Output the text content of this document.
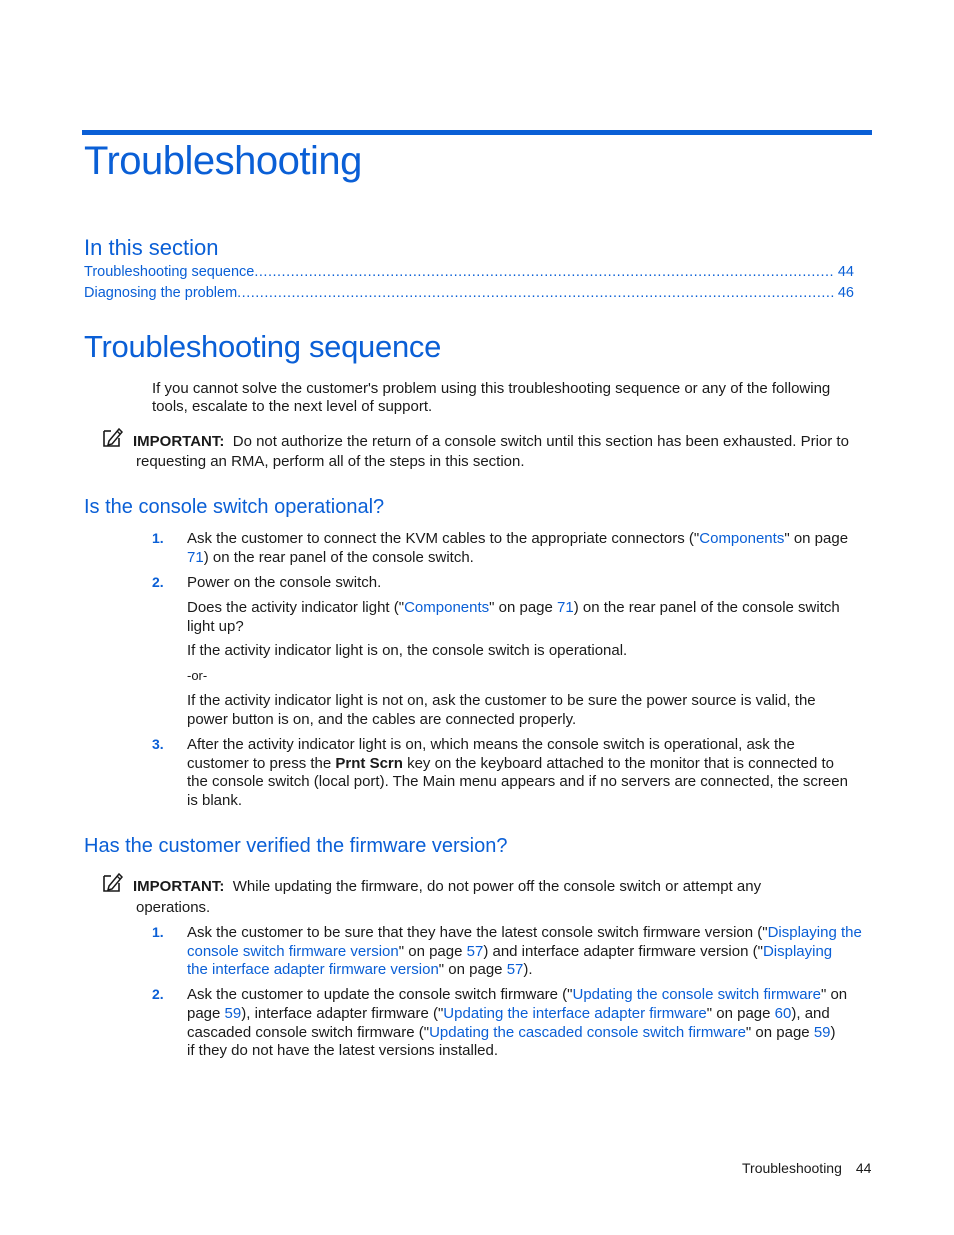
Troubleshooting
In this section
Troubleshooting sequence .....	44
Diagnosing the problem .....	46
Troubleshooting sequence

If you cannot solve the customer's problem using this troubleshooting sequence or any of the following

tools, escalate to the next level of support.

IMPORTANT: Do not authorize the return of a console switch until this section has been exhausted. Prior to

requesting an RMA, perform all of the steps in this section.

Is the console switch operational?
1. Ask the customer to connect the KVM cables to the appropriate connectors ("Components" on page

71) on the rear panel of the console switch.

2. Power on the console switch.

Does the activity indicator light ("Components" on page 71) on the rear panel of the console switch

light up?

If the activity indicator light is on, the console switch is operational.

-or-

If the activity indicator light is not on, ask the customer to be sure the power source is valid, the

power button is on, and the cables are connected properly.

3. After the activity indicator light is on, which means the console switch is operational, ask the

customer to press the Prnt Scrn key on the keyboard attached to the monitor that is connected to

the console switch (local port). The Main menu appears and if no servers are connected, the screen

is blank.

Has the customer verified the firmware version?

IMPORTANT: While updating the firmware, do not power off the console switch or attempt any

operations.

1. Ask the customer to be sure that they have the latest console switch firmware version ("Displaying the

console switch firmware version" on page 57) and interface adapter firmware version ("Displaying

the interface adapter firmware version" on page 57).

2. Ask the customer to update the console switch firmware ("Updating the console switch firmware" on

page 59), interface adapter firmware ("Updating the interface adapter firmware" on page 60), and

cascaded console switch firmware ("Updating the cascaded console switch firmware" on page 59)

if they do not have the latest versions installed.

Troubleshooting 44
